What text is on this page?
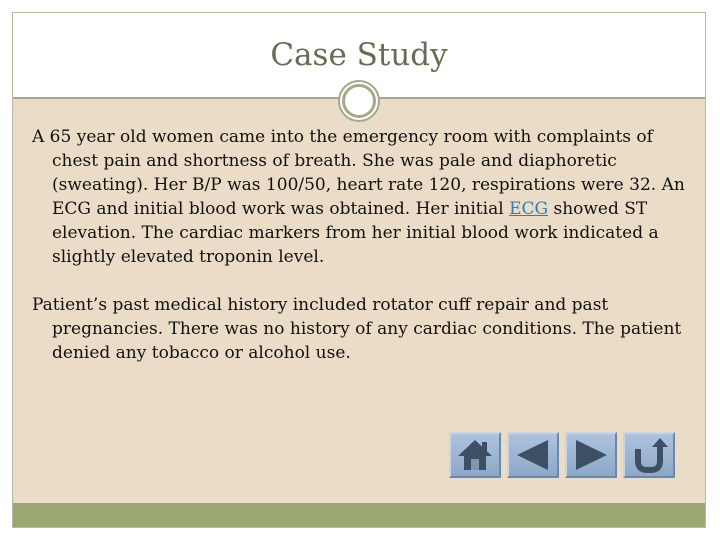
Case Study

A 65 year old women came into the emergency room with complaints of chest pain and shortness of breath. She was pale and diaphoretic (sweating). Her B/P was 100/50, heart rate 120, respirations were 32. An ECG and initial blood work was obtained. Her initial ECG showed ST elevation. The cardiac markers from her initial blood work indicated a slightly elevated troponin level.

Patient’s past medical history included rotator cuff repair and past pregnancies. There was no history of any cardiac conditions. The patient denied any tobacco or alcohol use.
